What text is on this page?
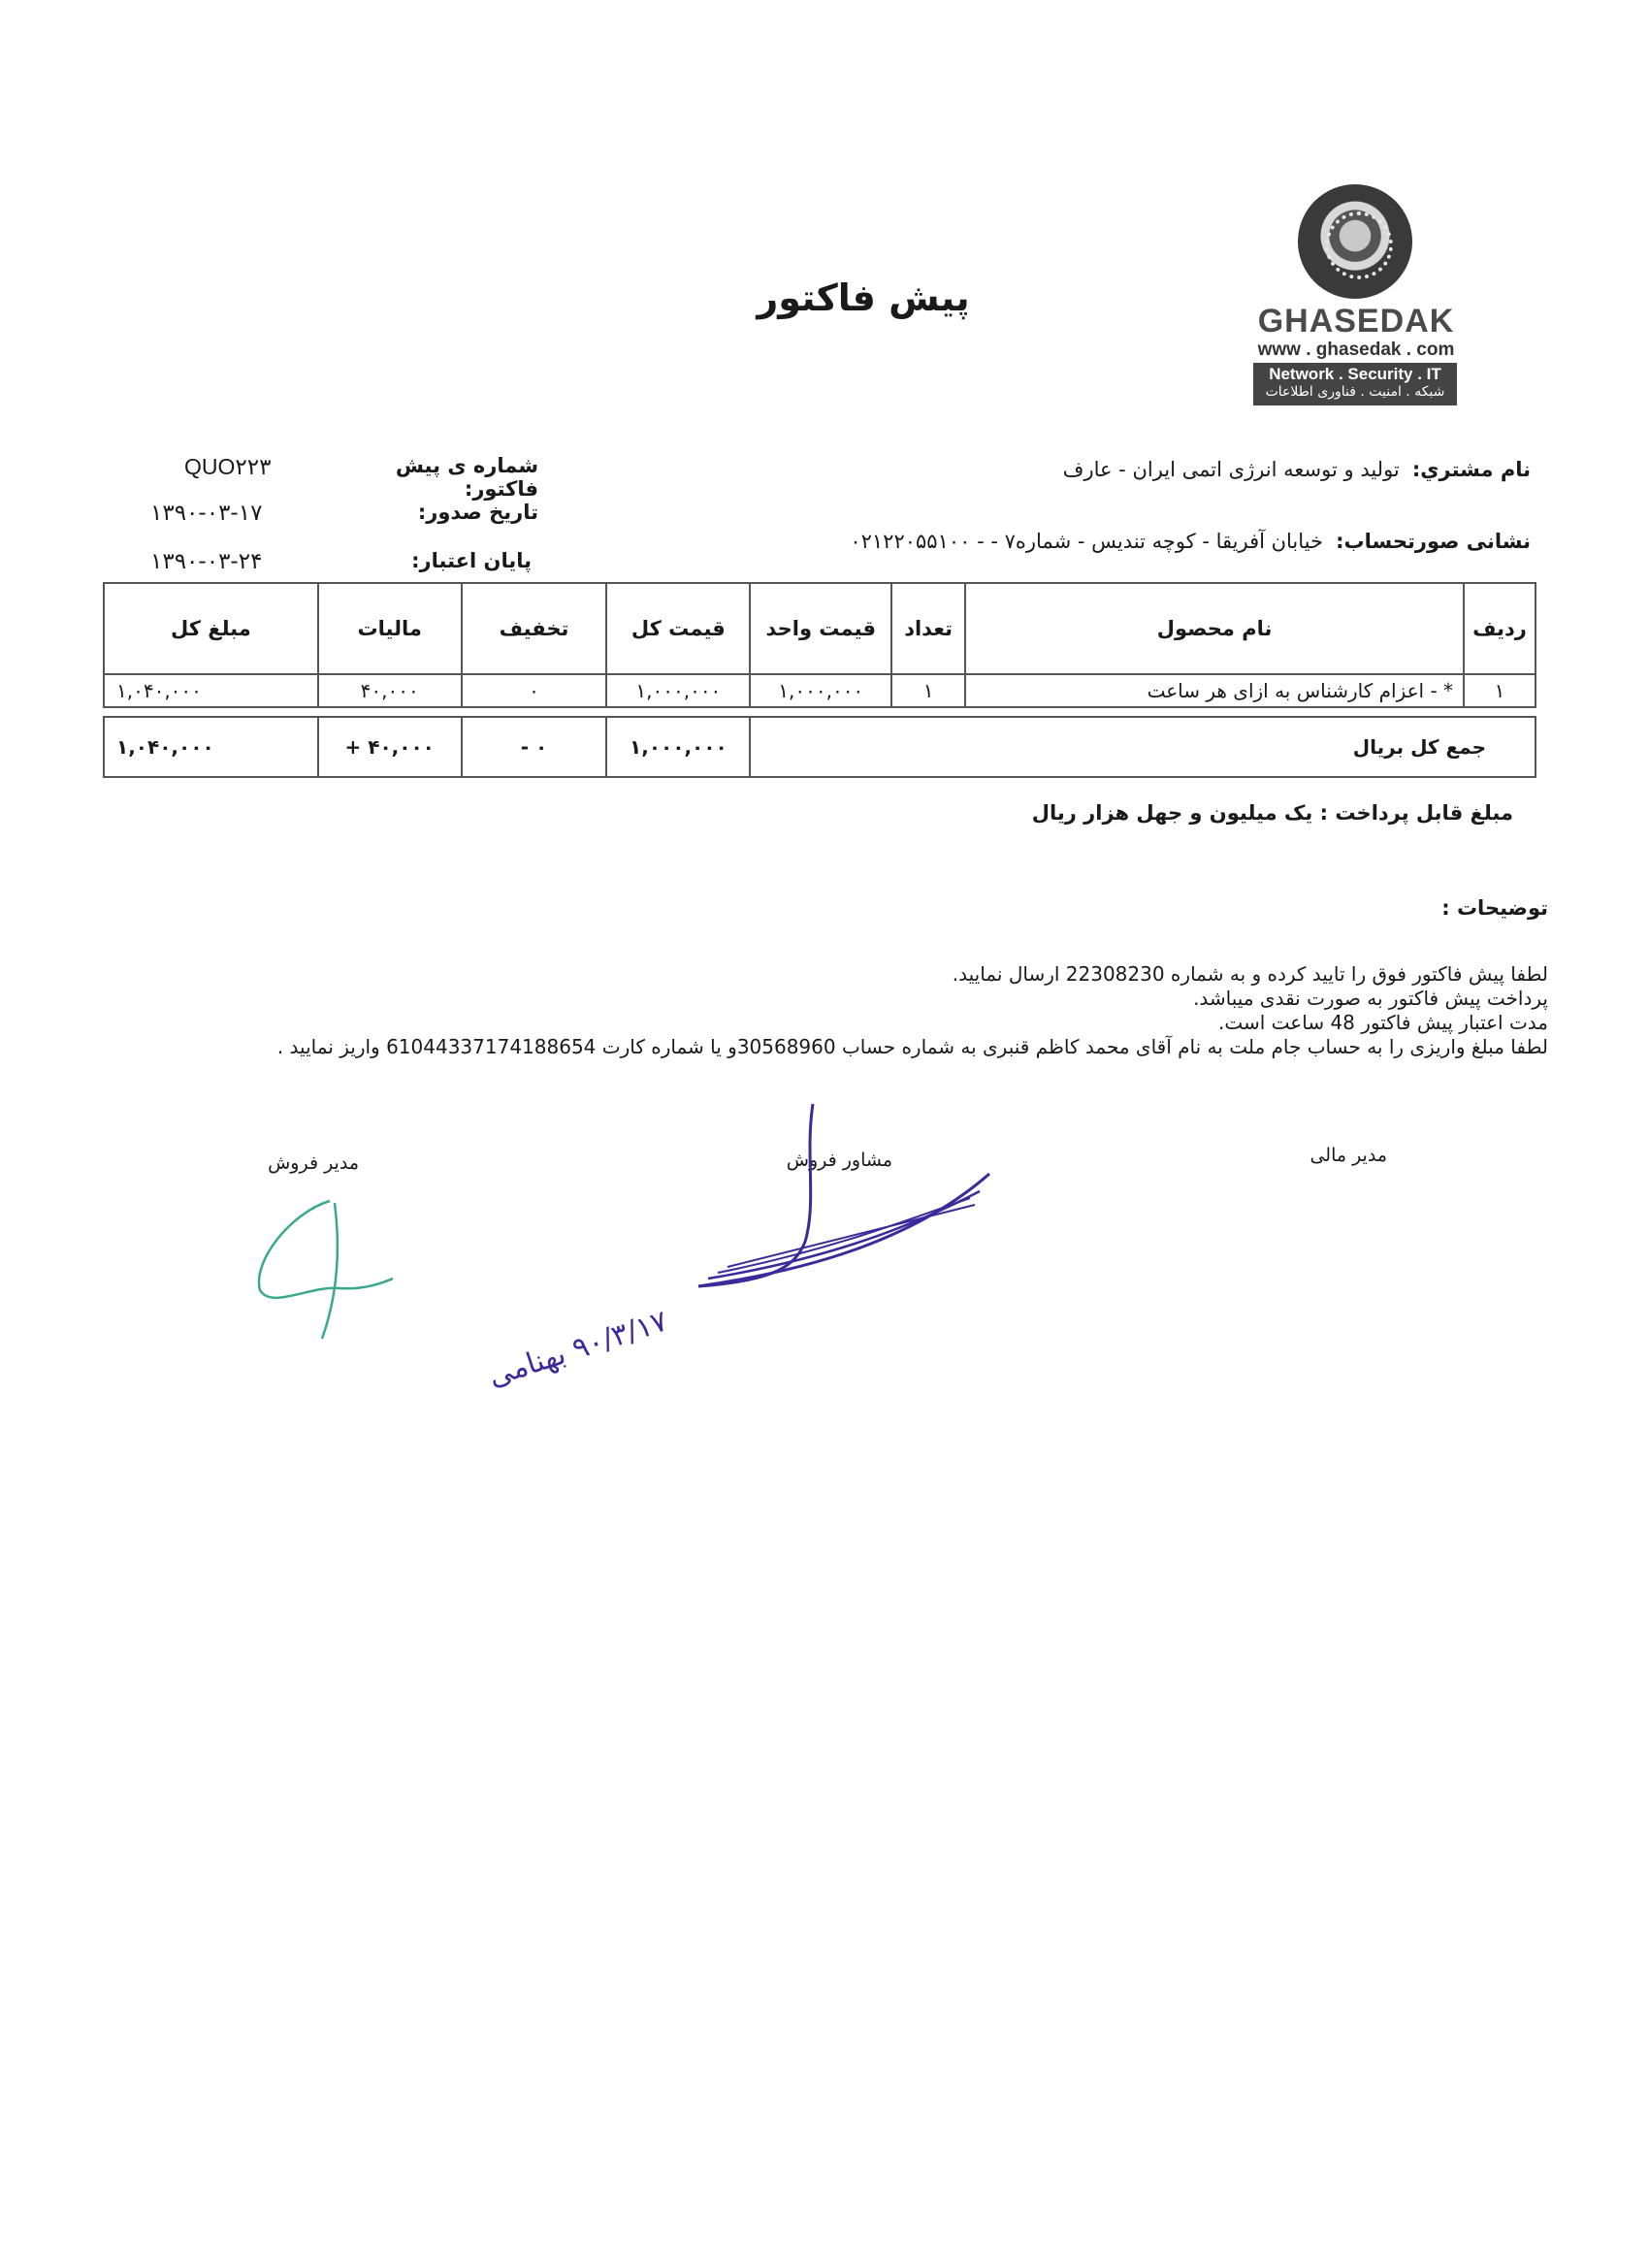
پیش فاکتور
GHASEDAK
www . ghasedak . com
Network . Security . IT
شبکه . امنیت . فناوری اطلاعات
نام مشتري: تولید و توسعه انرژی اتمی ایران - عارف
نشانی صورتحساب: خیابان آفریقا - کوچه تندیس - شماره۷ - - ۰۲۱۲۲۰۵۵۱۰۰
شماره ی پیش فاکتور:
QUO۲۲۳
تاریخ صدور:
۱۳۹۰-۰۳-۱۷
پایان اعتبار:
۱۳۹۰-۰۳-۲۴
ردیف	نام محصول	تعداد	قیمت واحد	قیمت کل	تخفیف	مالیات	مبلغ کل
۱	* - اعزام کارشناس به ازای هر ساعت	۱	۱,۰۰۰,۰۰۰	۱,۰۰۰,۰۰۰	۰	۴۰,۰۰۰	۱,۰۴۰,۰۰۰

جمع کل بریال				۱,۰۰۰,۰۰۰	۰ -	۴۰,۰۰۰ +	۱,۰۴۰,۰۰۰
مبلغ قابل پرداخت : یک میلیون و جهل هزار ریال
توضیحات :
لطفا پیش فاکتور فوق را تایید کرده و به شماره 22308230 ارسال نمایید.
پرداخت پیش فاکتور به صورت نقدی میباشد.
مدت اعتبار پیش فاکتور 48 ساعت است.
لطفا مبلغ واریزی را به حساب جام ملت به نام آقای محمد کاظم قنبری به شماره حساب 30568960و یا شماره کارت 61044337174188654 واریز نمایید .
مدیر مالی
مشاور فروش
مدیر فروش
۹۰/۳/۱۷ بهنامی
